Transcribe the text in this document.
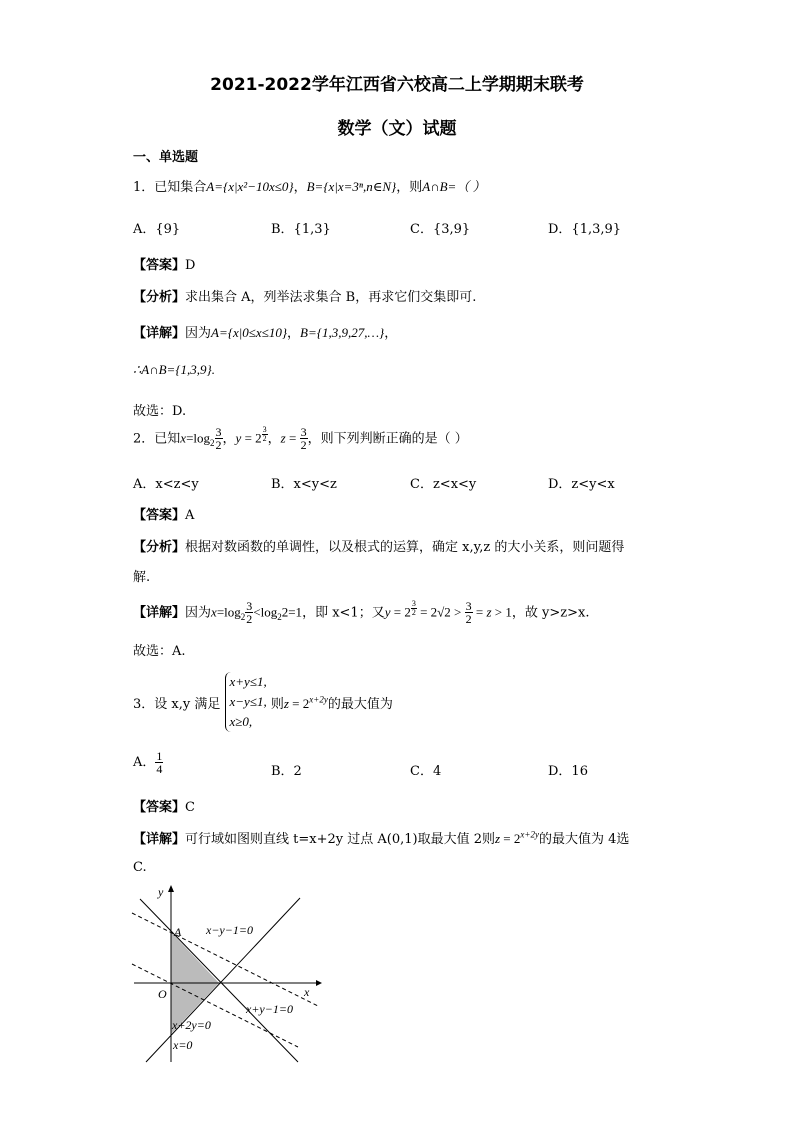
2021-2022学年江西省六校高二上学期期末联考
数学（文）试题
一、单选题
1．已知集合A={x|x²−10x≤0}，B={x|x=3ⁿ,n∈N}，则A∩B=（ ）
A．{9}	B．{1,3}	C．{3,9}	D．{1,3,9}
【答案】D
【分析】求出集合 A，列举法求集合 B，再求它们交集即可.
【详解】因为A={x|0≤x≤10}，B={1,3,9,27,…}，
∴A∩B={1,3,9}.
故选：D.
2．已知$x=\log_2 \frac{3}{2}$ ，y = 2 $^{\frac{3}{2}}$ ，$z = \frac{3}{2}$ ，则下列判断正确的是（ ）
A．x<z<y	B．x<y<z	C．z<x<y	D．z<y<x
【答案】A
【分析】根据对数函数的单调性，以及根式的运算，确定 x,y,z 的大小关系，则问题得
解.
【详解】因为$x=\log_2 \frac{3}{2} <\log_22=1$，即 x<1；又y = 2 $^{\frac{3}{2}} = 2√2 > \frac{3}{2} = z > 1$，故 y>z>x.
故选：A.
3．设 x,y 满足
x+y≤1,
x−y≤1,
x≥0,
则$z = 2^{x+2y}$的最大值为
A． $\frac{1}{4}$	B．2	C．4	D．16
【答案】C
【详解】可行域如图则直线 t=x+2y 过点 A(0,1)取最大值 2则$z = 2^{x+2y}$的最大值为 4选
C.
y
x
O
A x−y−1=0
x+y−1=0
x+2y=0
x=0
